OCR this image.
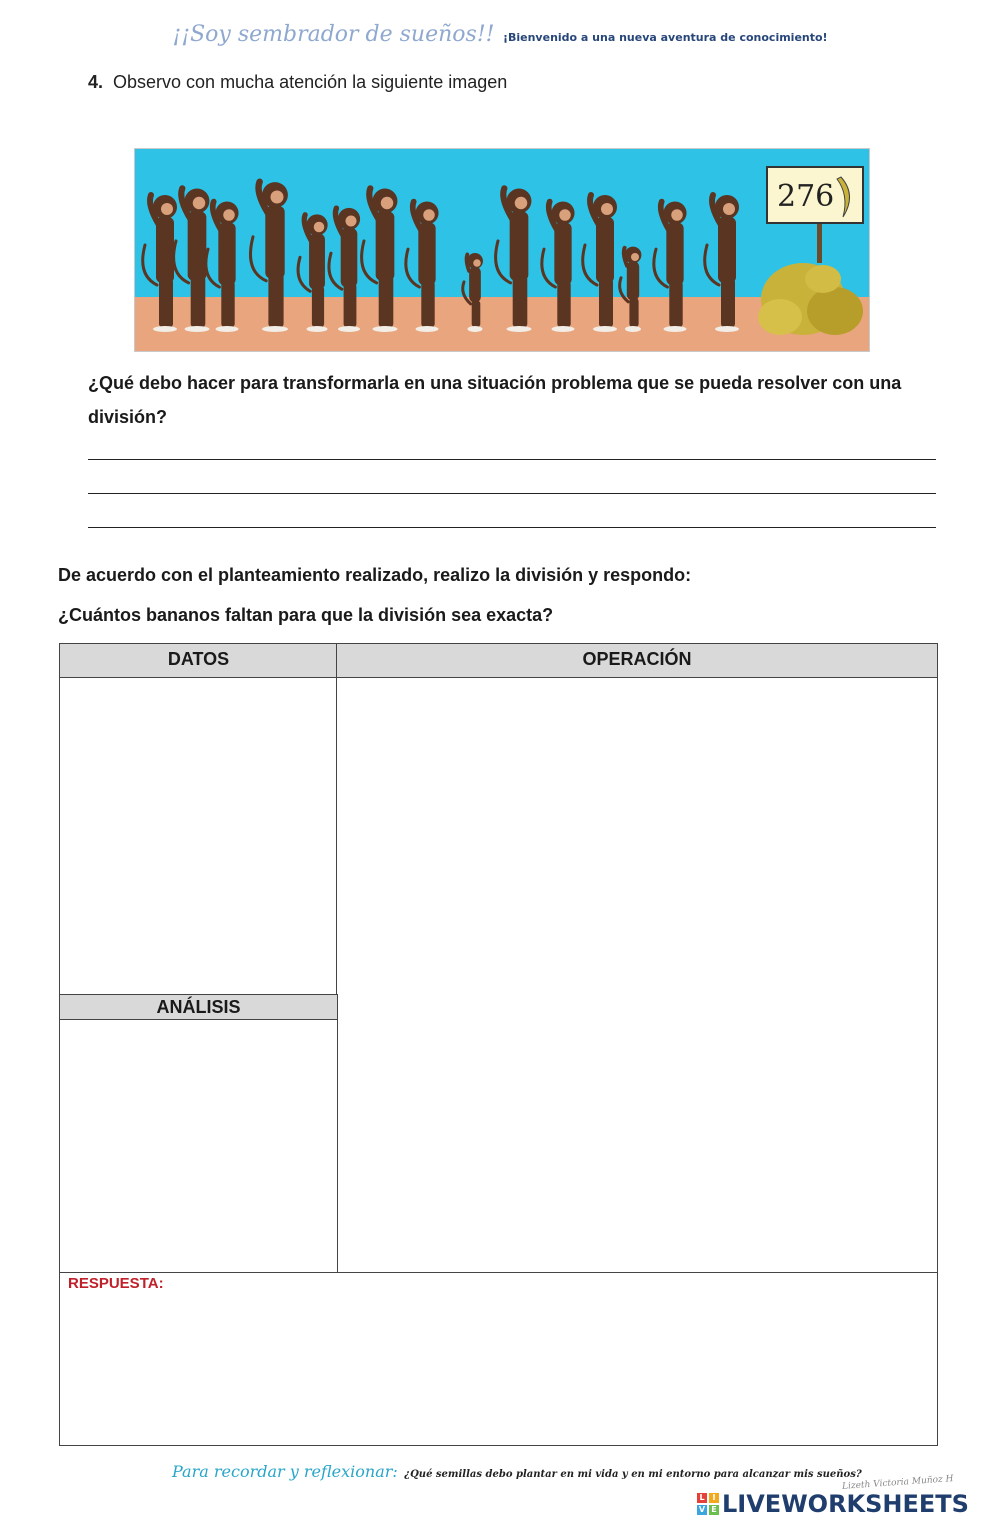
¡¡Soy sembrador de sueños!! ¡Bienvenido a una nueva aventura de conocimiento!
4. Observo con mucha atención la siguiente imagen
276
¿Qué debo hacer para transformarla en una situación problema que se pueda resolver con una división?
De acuerdo con el planteamiento realizado, realizo la división y respondo:
¿Cuántos bananos faltan para que la división sea exacta?
DATOS	OPERACIÓN
ANÁLISIS
RESPUESTA:
Para recordar y reflexionar: ¿Qué semillas debo plantar en mi vida y en mi entorno para alcanzar mis sueños?
Lizeth Victoria Muñoz H
L I
V E LIVEWORKSHEETS
